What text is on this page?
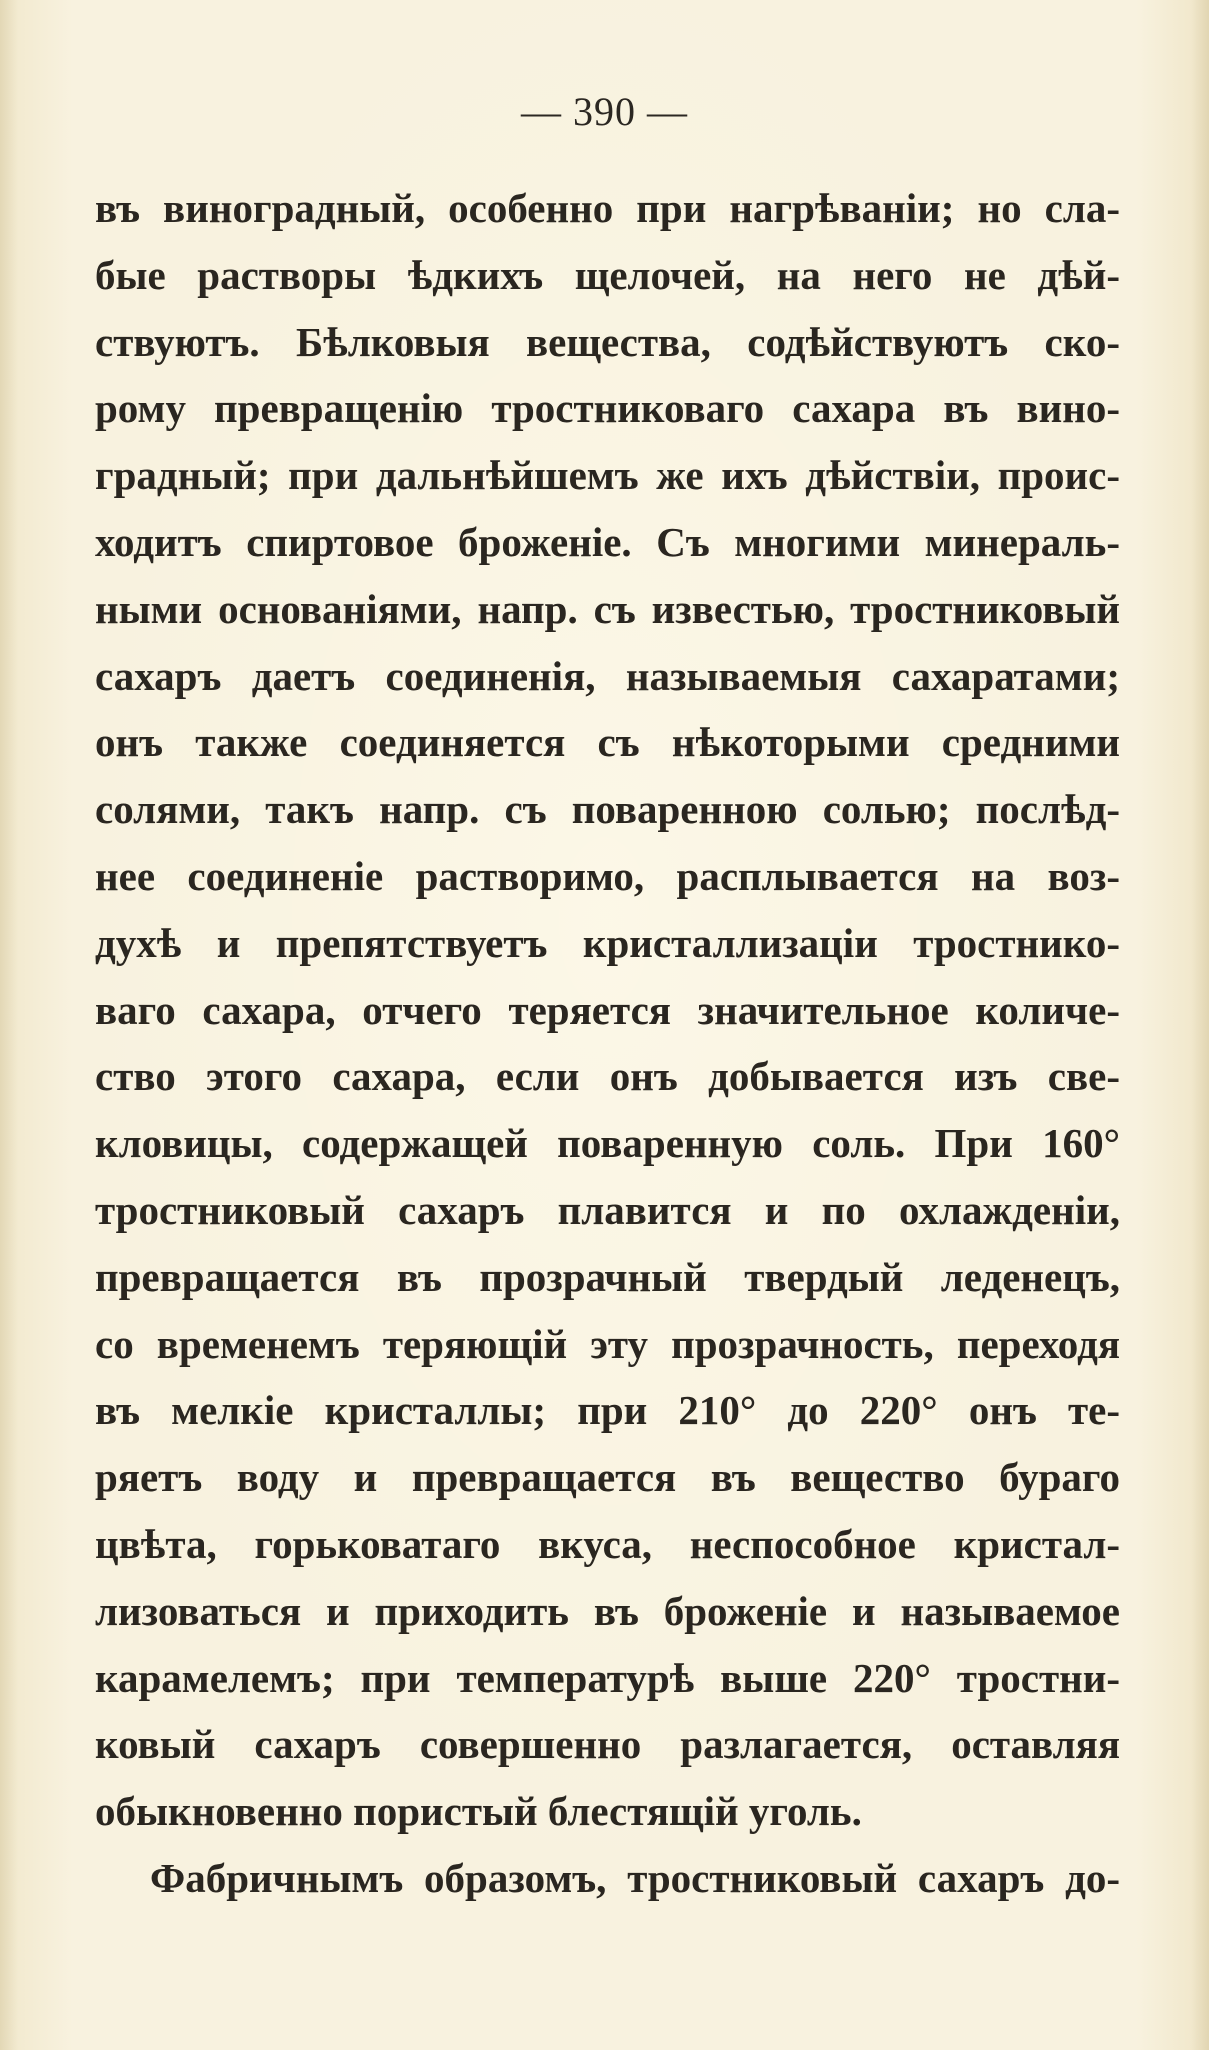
— 390 —
въ виноградный, особенно при нагрѣваніи; но сла-
быe растворы ѣдкихъ щелочей, на него не дѣй-
ствуютъ. Бѣлковыя вещества, содѣйствуютъ ско-
рому превращенію тростниковаго сахара въ вино-
градный; при дальнѣйшемъ же ихъ дѣйствіи, проис-
ходитъ спиртовое броженіе. Съ многими минераль-
ными основаніями, напр. съ известью, тростниковый
сахаръ даетъ соединенія, называемыя сахаратами;
онъ также соединяется съ нѣкоторыми средними
солями, такъ напр. съ поваренною солью; послѣд-
нее соединеніе растворимо, расплывается на воз-
духѣ и препятствуетъ кристаллизаціи тростнико-
ваго сахара, отчего теряется значительное количе-
ство этого сахара, если онъ добывается изъ све-
кловицы, содержащей поваренную соль. При 160°
тростниковый сахаръ плавится и по охлажденіи,
превращается въ прозрачный твердый леденецъ,
со временемъ теряющій эту прозрачность, переходя
въ мелкіе кристаллы; при 210° до 220° онъ те-
ряетъ воду и превращается въ вещество бураго
цвѣта, горьковатаго вкуса, неспособное кристал-
лизоваться и приходить въ броженіе и называемое
карамелемъ; при температурѣ выше 220° тростни-
ковый сахаръ совершенно разлагается, оставляя
обыкновенно пористый блестящій уголь.
Фабричнымъ образомъ, тростниковый сахаръ до-
